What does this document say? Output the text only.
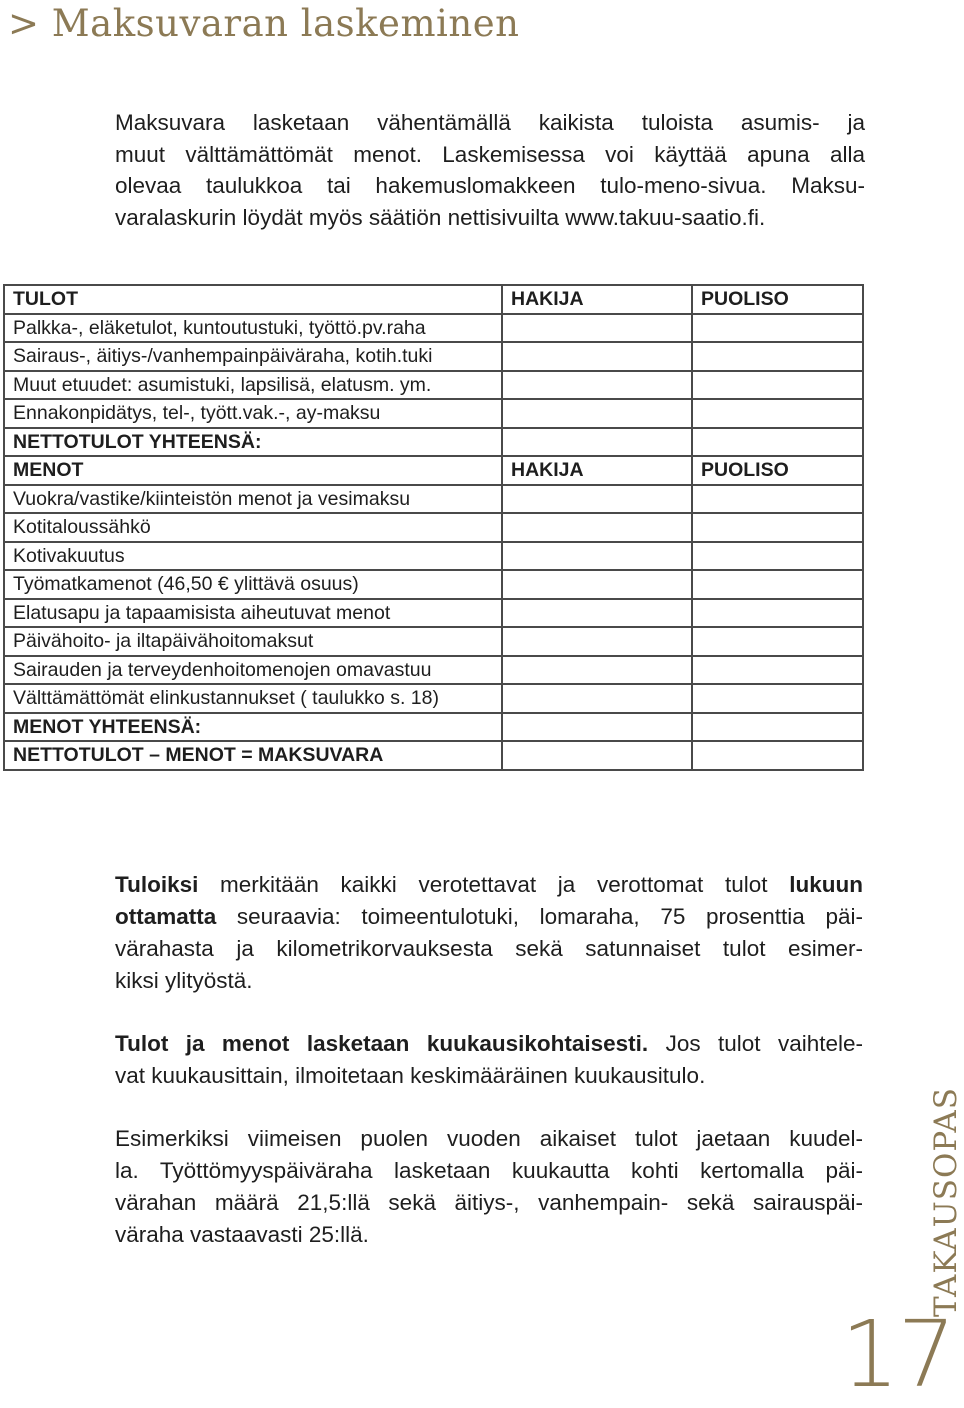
> Maksuvaran laskeminen
Maksuvara lasketaan vähentämällä kaikista tuloista asumis- ja
muut välttämättömät menot. Laskemisessa voi käyttää apuna alla
olevaa taulukkoa tai hakemuslomakkeen tulo-meno-sivua. Maksu-
varalaskurin löydät myös säätiön nettisivuilta www.takuu-saatio.fi.
TULOT	HAKIJA	PUOLISO
Palkka-, eläketulot, kuntoutustuki, työttö.pv.raha		
Sairaus-, äitiys-/vanhempainpäiväraha, kotih.tuki		
Muut etuudet: asumistuki, lapsilisä, elatusm. ym.		
Ennakonpidätys, tel-, tyött.vak.-, ay-maksu		
NETTOTULOT YHTEENSÄ:		
MENOT	HAKIJA	PUOLISO
Vuokra/vastike/kiinteistön menot ja vesimaksu		
Kotitaloussähkö		
Kotivakuutus		
Työmatkamenot (46,50 € ylittävä osuus)		
Elatusapu ja tapaamisista aiheutuvat menot		
Päivähoito- ja iltapäivähoitomaksut		
Sairauden ja terveydenhoitomenojen omavastuu		
Välttämättömät elinkustannukset ( taulukko s. 18)		
MENOT YHTEENSÄ:		
NETTOTULOT – MENOT = MAKSUVARA		

Tuloiksi merkitään kaikki verotettavat ja verottomat tulot lukuun
ottamatta seuraavia: toimeentulotuki, lomaraha, 75 prosenttia päi-
värahasta ja kilometrikorvauksesta sekä satunnaiset tulot esimer-
kiksi ylityöstä.

Tulot ja menot lasketaan kuukausikohtaisesti. Jos tulot vaihtele-
vat kuukausittain, ilmoitetaan keskimääräinen kuukausitulo.

Esimerkiksi viimeisen puolen vuoden aikaiset tulot jaetaan kuudel-
la. Työttömyyspäiväraha lasketaan kuukautta kohti kertomalla päi-
värahan määrä 21,5:llä sekä äitiys-, vanhempain- sekä sairauspäi-
väraha vastaavasti 25:llä.	TAKAUSOPAS
17
